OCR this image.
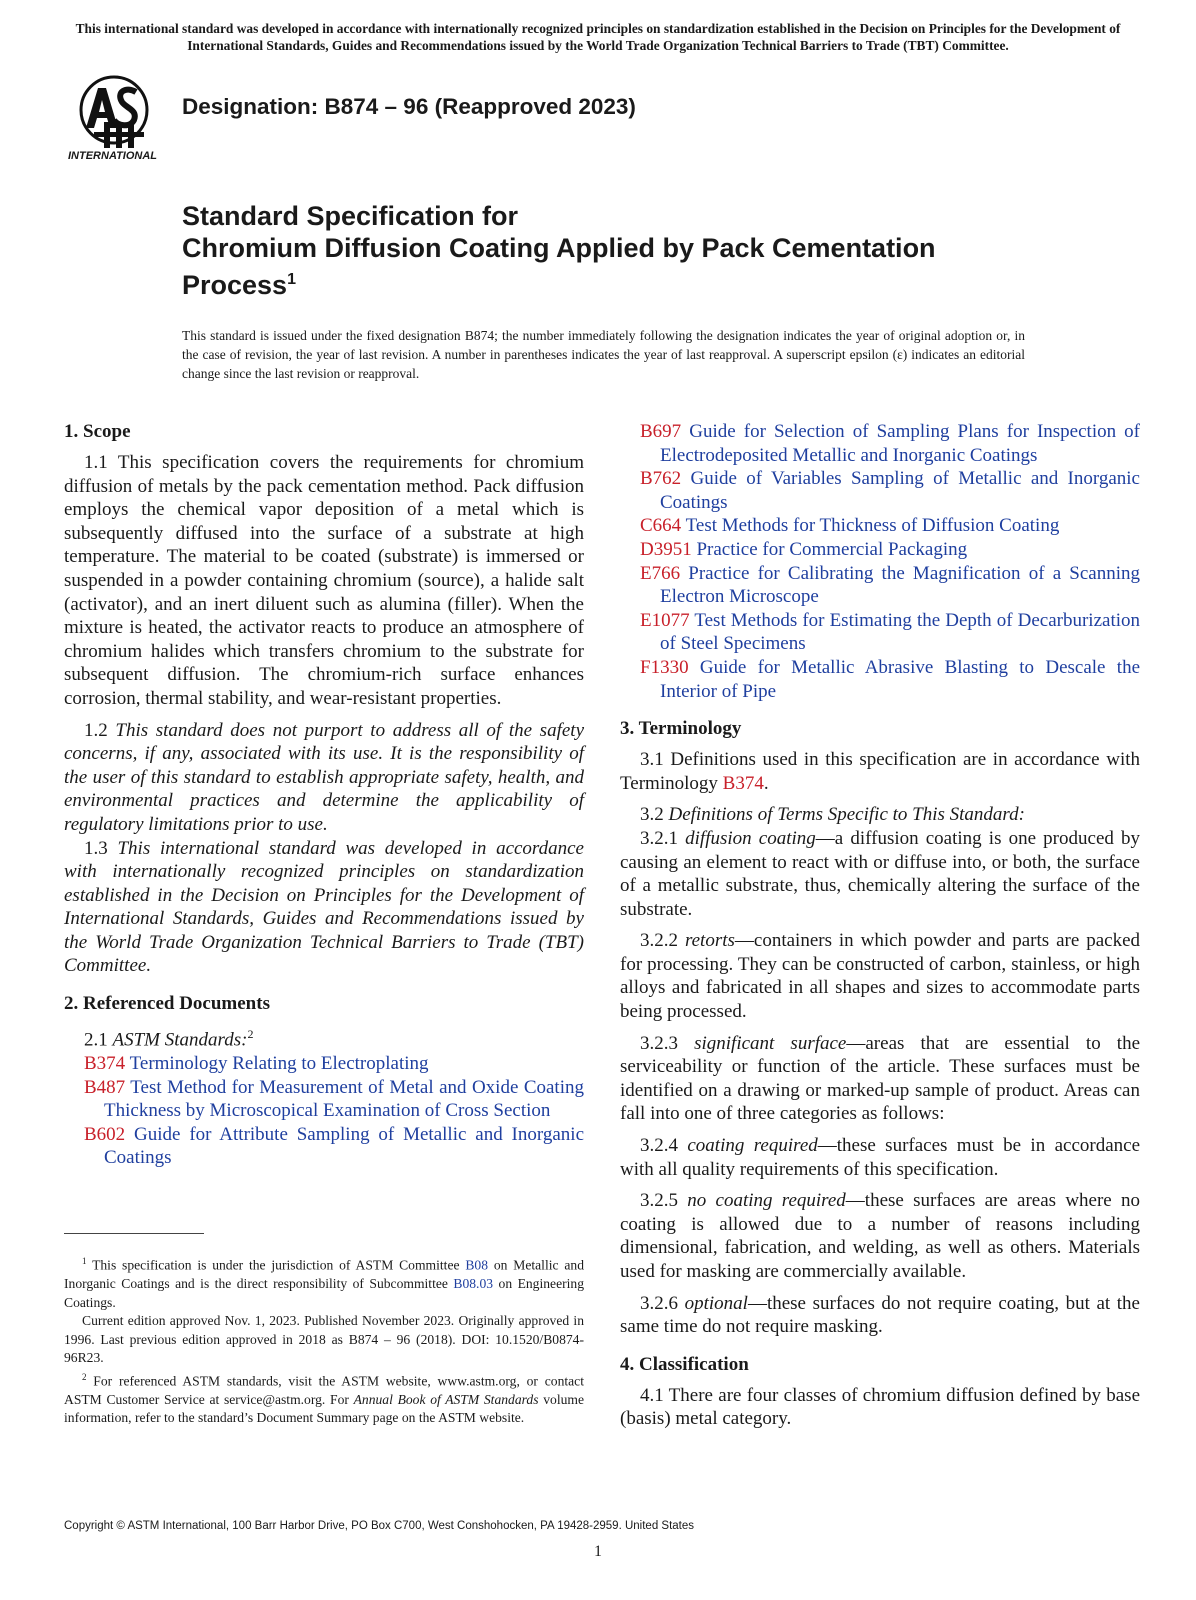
This international standard was developed in accordance with internationally recognized principles on standardization established in the Decision on Principles for the Development of International Standards, Guides and Recommendations issued by the World Trade Organization Technical Barriers to Trade (TBT) Committee.
INTERNATIONAL
Designation: B874 – 96 (Reapproved 2023)
Standard Specification for
Chromium Diffusion Coating Applied by Pack Cementation Process$^1$
This standard is issued under the fixed designation B874; the number immediately following the designation indicates the year of original adoption or, in the case of revision, the year of last revision. A number in parentheses indicates the year of last reapproval. A superscript epsilon (ε) indicates an editorial change since the last revision or reapproval.
1. Scope

1.1 This specification covers the requirements for chromium diffusion of metals by the pack cementation method. Pack diffusion employs the chemical vapor deposition of a metal which is subsequently diffused into the surface of a substrate at high temperature. The material to be coated (substrate) is immersed or suspended in a powder containing chromium (source), a halide salt (activator), and an inert diluent such as alumina (filler). When the mixture is heated, the activator reacts to produce an atmosphere of chromium halides which transfers chromium to the substrate for subsequent diffusion. The chromium-rich surface enhances corrosion, thermal stability, and wear-resistant properties.

1.2 This standard does not purport to address all of the safety concerns, if any, associated with its use. It is the responsibility of the user of this standard to establish appropriate safety, health, and environmental practices and determine the applicability of regulatory limitations prior to use.

1.3 This international standard was developed in accordance with internationally recognized principles on standardization established in the Decision on Principles for the Development of International Standards, Guides and Recommendations issued by the World Trade Organization Technical Barriers to Trade (TBT) Committee.

2. Referenced Documents

2.1 ASTM Standards:$^2$

B374 Terminology Relating to Electroplating

B487 Test Method for Measurement of Metal and Oxide Coating Thickness by Microscopical Examination of Cross Section

B602 Guide for Attribute Sampling of Metallic and Inorganic Coatings

$^1$ This specification is under the jurisdiction of ASTM Committee B08 on Metallic and Inorganic Coatings and is the direct responsibility of Subcommittee B08.03 on Engineering Coatings.

Current edition approved Nov. 1, 2023. Published November 2023. Originally approved in 1996. Last previous edition approved in 2018 as B874 – 96 (2018). DOI: 10.1520/B0874-96R23.

$^2$ For referenced ASTM standards, visit the ASTM website, www.astm.org, or contact ASTM Customer Service at service@astm.org. For Annual Book of ASTM Standards volume information, refer to the standard’s Document Summary page on the ASTM website.

B697 Guide for Selection of Sampling Plans for Inspection of Electrodeposited Metallic and Inorganic Coatings

B762 Guide of Variables Sampling of Metallic and Inorganic Coatings

C664 Test Methods for Thickness of Diffusion Coating

D3951 Practice for Commercial Packaging

E766 Practice for Calibrating the Magnification of a Scanning Electron Microscope

E1077 Test Methods for Estimating the Depth of Decarburization of Steel Specimens

F1330 Guide for Metallic Abrasive Blasting to Descale the Interior of Pipe

3. Terminology

3.1 Definitions used in this specification are in accordance with Terminology B374.

3.2 Definitions of Terms Specific to This Standard:

3.2.1 diffusion coating—a diffusion coating is one produced by causing an element to react with or diffuse into, or both, the surface of a metallic substrate, thus, chemically altering the surface of the substrate.

3.2.2 retorts—containers in which powder and parts are packed for processing. They can be constructed of carbon, stainless, or high alloys and fabricated in all shapes and sizes to accommodate parts being processed.

3.2.3 significant surface—areas that are essential to the serviceability or function of the article. These surfaces must be identified on a drawing or marked-up sample of product. Areas can fall into one of three categories as follows:

3.2.4 coating required—these surfaces must be in accordance with all quality requirements of this specification.

3.2.5 no coating required—these surfaces are areas where no coating is allowed due to a number of reasons including dimensional, fabrication, and welding, as well as others. Materials used for masking are commercially available.

3.2.6 optional—these surfaces do not require coating, but at the same time do not require masking.

4. Classification

4.1 There are four classes of chromium diffusion defined by base (basis) metal category.

Copyright © ASTM International, 100 Barr Harbor Drive, PO Box C700, West Conshohocken, PA 19428-2959. United States
1
